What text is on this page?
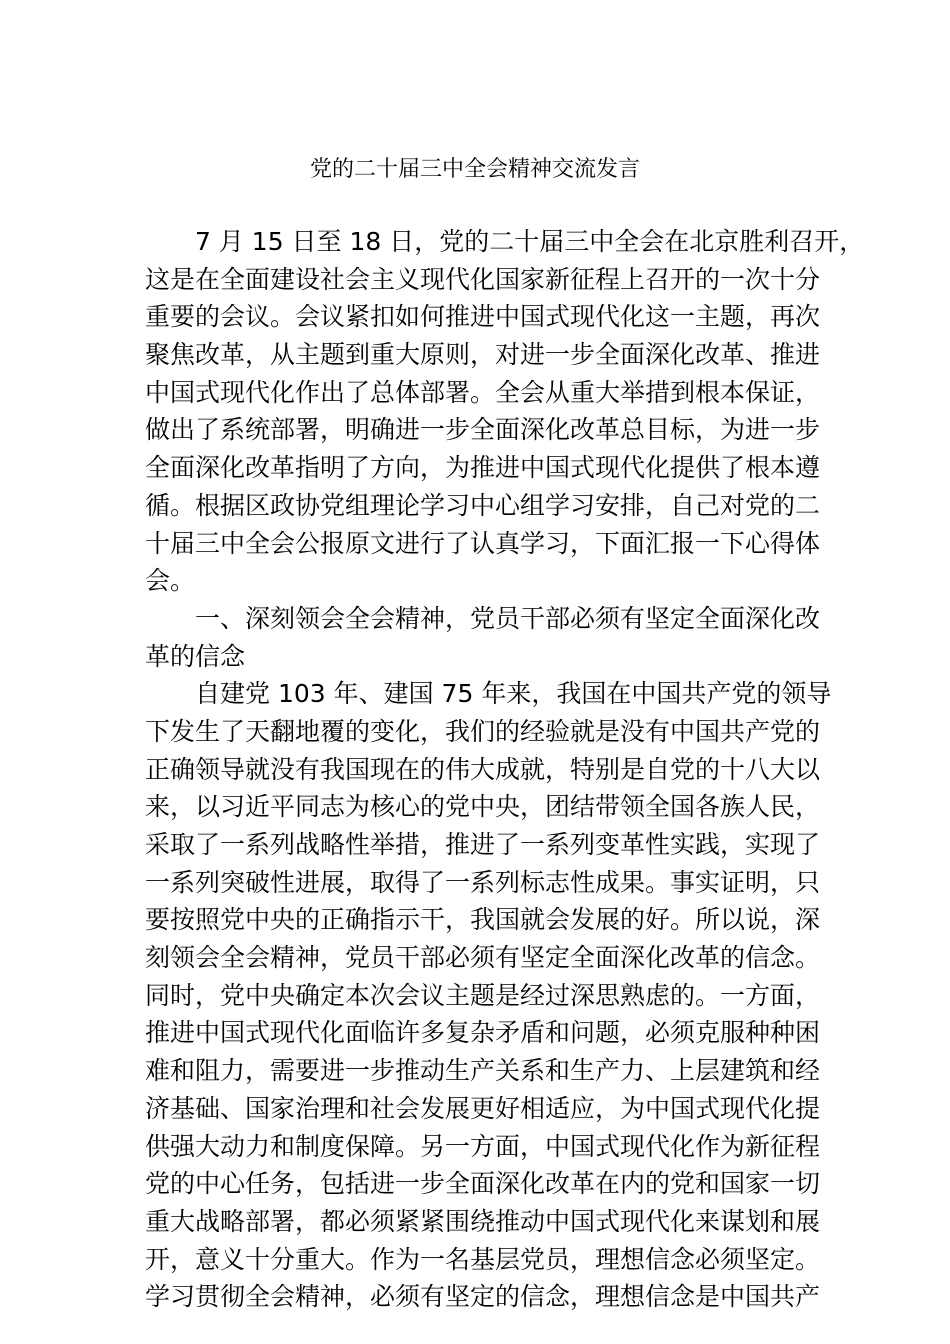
党的二十届三中全会精神交流发言
7 月 15 日至 18 日，党的二十届三中全会在北京胜利召开，
这是在全面建设社会主义现代化国家新征程上召开的一次十分
重要的会议。会议紧扣如何推进中国式现代化这一主题，再次
聚焦改革，从主题到重大原则，对进一步全面深化改革、推进
中国式现代化作出了总体部署。全会从重大举措到根本保证，
做出了系统部署，明确进一步全面深化改革总目标，为进一步
全面深化改革指明了方向，为推进中国式现代化提供了根本遵
循。根据区政协党组理论学习中心组学习安排，自己对党的二
十届三中全会公报原文进行了认真学习，下面汇报一下心得体
会。
一、深刻领会全会精神，党员干部必须有坚定全面深化改
革的信念
自建党 103 年、建国 75 年来，我国在中国共产党的领导
下发生了天翻地覆的变化，我们的经验就是没有中国共产党的
正确领导就没有我国现在的伟大成就，特别是自党的十八大以
来，以习近平同志为核心的党中央，团结带领全国各族人民，
采取了一系列战略性举措，推进了一系列变革性实践，实现了
一系列突破性进展，取得了一系列标志性成果。事实证明，只
要按照党中央的正确指示干，我国就会发展的好。所以说，深
刻领会全会精神，党员干部必须有坚定全面深化改革的信念。
同时，党中央确定本次会议主题是经过深思熟虑的。一方面，
推进中国式现代化面临许多复杂矛盾和问题，必须克服种种困
难和阻力，需要进一步推动生产关系和生产力、上层建筑和经
济基础、国家治理和社会发展更好相适应，为中国式现代化提
供强大动力和制度保障。另一方面，中国式现代化作为新征程
党的中心任务，包括进一步全面深化改革在内的党和国家一切
重大战略部署，都必须紧紧围绕推动中国式现代化来谋划和展
开，意义十分重大。作为一名基层党员，理想信念必须坚定。
学习贯彻全会精神，必须有坚定的信念，理想信念是中国共产
